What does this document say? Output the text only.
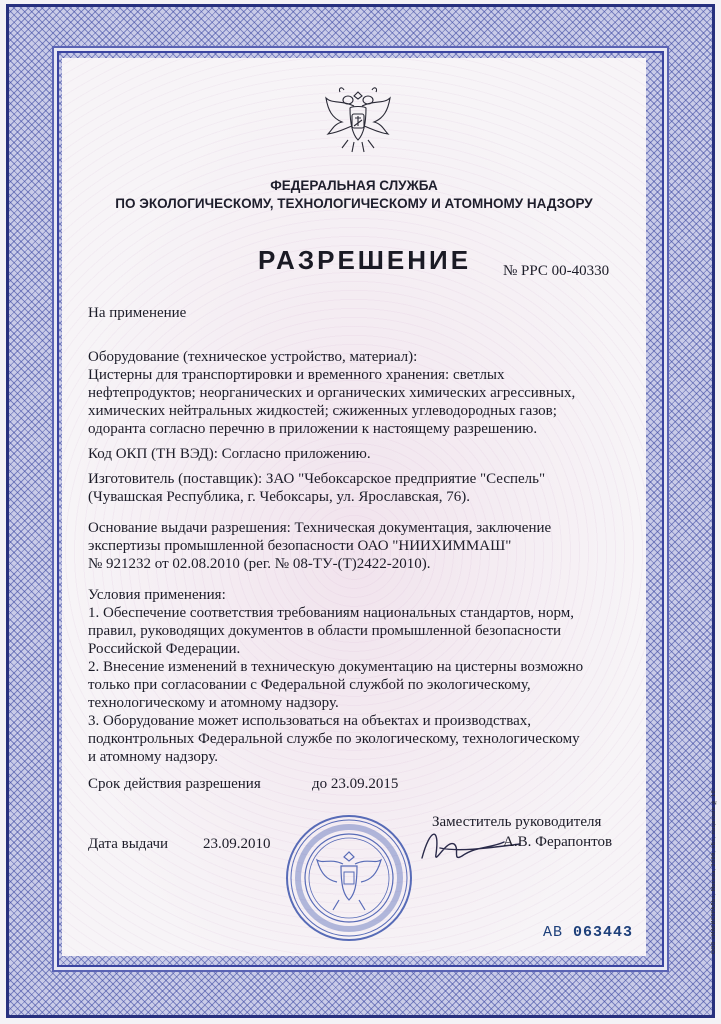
ООО «МАГИСТРАЛЬ», Москва, 2009, «Б», лицензия № 10

ФЕДЕРАЛЬНАЯ СЛУЖБА

ПО ЭКОЛОГИЧЕСКОМУ, ТЕХНОЛОГИЧЕСКОМУ И АТОМНОМУ НАДЗОРУ

РАЗРЕШЕНИЕ № РРС 00-40330
На применение
Оборудование (техническое устройство, материал):
Цистерны для транспортировки и временного хранения: светлых
нефтепродуктов; неорганических и органических химических агрессивных,
химических нейтральных жидкостей; сжиженных углеводородных газов;
одоранта согласно перечню в приложении к настоящему разрешению.
Код ОКП (ТН ВЭД): Согласно приложению.
Изготовитель (поставщик): ЗАО "Чебоксарское предприятие "Сеспель"
(Чувашская Республика, г. Чебоксары, ул. Ярославская, 76).
Основание выдачи разрешения: Техническая документация, заключение
экспертизы промышленной безопасности ОАО "НИИХИММАШ"
№ 921232 от 02.08.2010 (рег. № 08-ТУ-(Т)2422-2010).
Условия применения:
1. Обеспечение соответствия требованиям национальных стандартов, норм,
правил, руководящих документов в области промышленной безопасности
Российской Федерации.
2. Внесение изменений в техническую документацию на цистерны возможно
только при согласовании с Федеральной службой по экологическому,
технологическому и атомному надзору.
3. Оборудование может использоваться на объектах и производствах,
подконтрольных Федеральной службе по экологическому, технологическому
и атомному надзору.
Срок действия разрешения	до 23.09.2015
Заместитель руководителя
А.В. Ферапонтов
Дата выдачи 23.09.2010
АВ 063443
